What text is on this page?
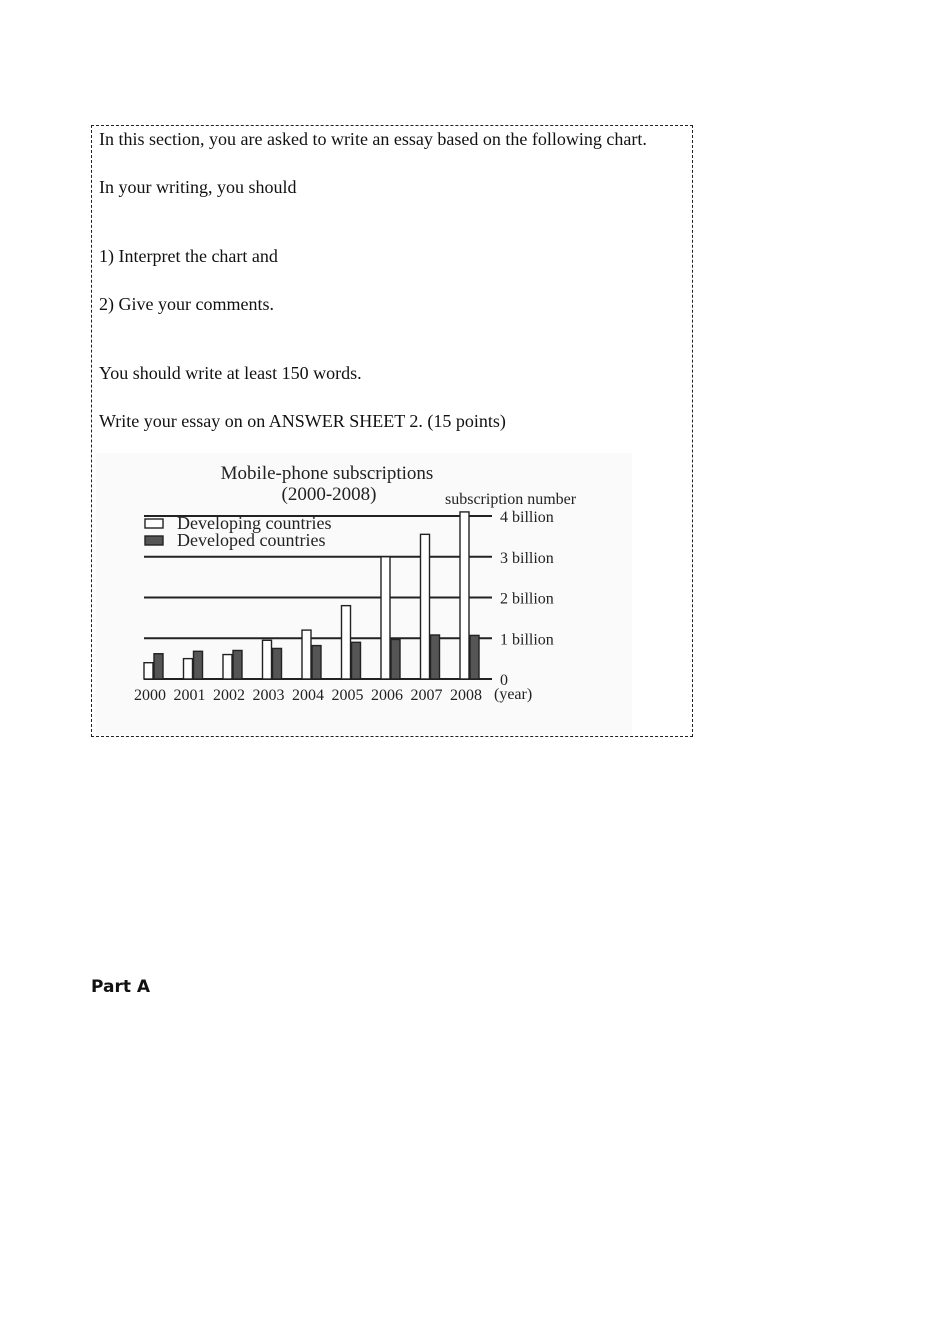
In this section, you are asked to write an essay based on the following chart.
In your writing, you should
1) Interpret the chart and
2) Give your comments.
You should write at least 150 words.
Write your essay on on ANSWER SHEET 2. (15 points)
Mobile-phone subscriptions
(2000-2008)	subscription number
Developing countries
Developed countries
0
1 billion
2 billion
3 billion
4 billion
2000 2001 2002 2003 2004 2005 2006 2007 2008 (year)
Part A
